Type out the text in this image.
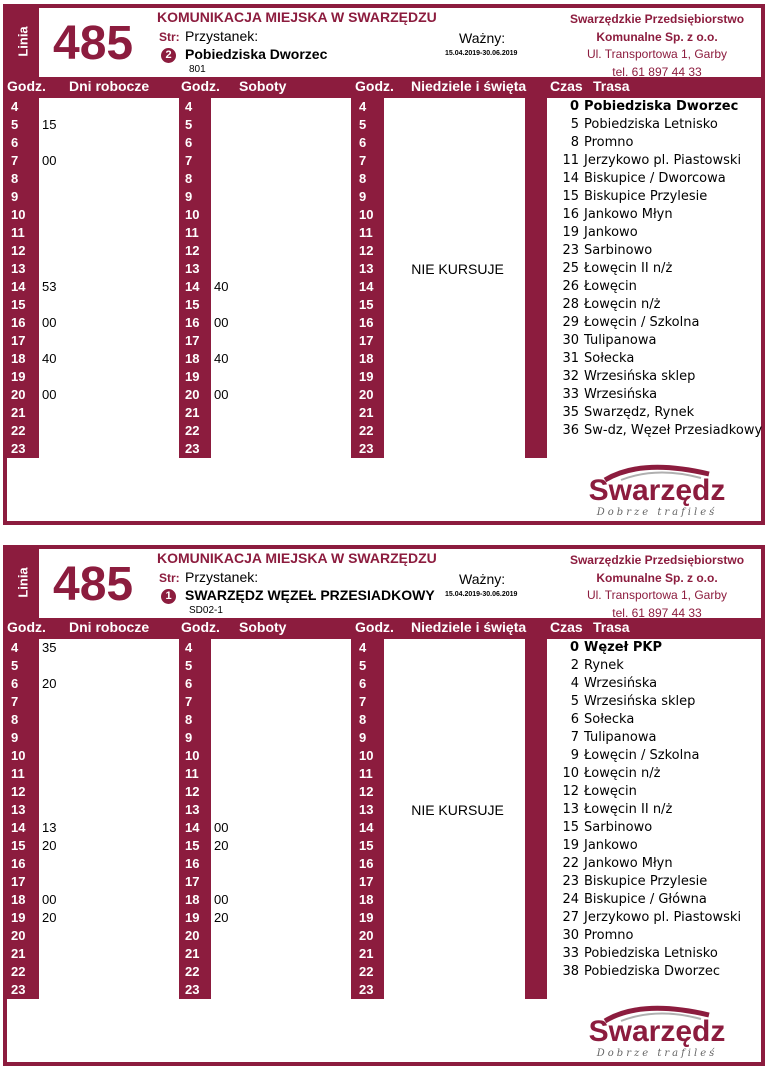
Linia 485 KOMUNIKACJA MIEJSKA W SWARZĘDZU
Str: Przystanek:
2 Pobiedziska Dworzec
801
Ważny:
15.04.2019-30.06.2019
Swarzędzkie Przedsiębiorstwo
Komunalne Sp. z o.o.
Ul. Transportowa 1, Garby
tel. 61 897 44 33
Godz. Dni robocze Godz. Soboty	Godz. Niedziele i święta Czas Trasa
4
5
6
7
8
9
10
11
12
13
14
15
16
17
18
19
20
21
22
23
15
00
53
00
40
00
4
5
6
7
8
9
10
11
12
13
14
15
16
17
18
19
20
21
22
23
40
00
40
00
4
5
6
7
8
9
10
11
12
13
14
15
16
17
18
19
20
21
22
23
NIE KURSUJE
0 Pobiedziska Dworzec
5 Pobiedziska Letnisko
8 Promno
11 Jerzykowo pl. Piastowski
14 Biskupice / Dworcowa
15 Biskupice Przylesie
16 Jankowo Młyn
19 Jankowo
23 Sarbinowo
25 Łowęcin II n/ż
26 Łowęcin
28 Łowęcin n/ż
29 Łowęcin / Szkolna
30 Tulipanowa
31 Sołecka
32 Wrzesińska sklep
33 Wrzesińska
35 Swarzędz, Rynek
36 Sw-dz, Węzeł Przesiadkowy
Swarzędz
Dobrze trafileś
Linia 485 KOMUNIKACJA MIEJSKA W SWARZĘDZU
Str: Przystanek:
1 SWARZĘDZ WĘZEŁ PRZESIADKOWY
SD02-1
Ważny:
15.04.2019-30.06.2019
Swarzędzkie Przedsiębiorstwo
Komunalne Sp. z o.o.
Ul. Transportowa 1, Garby
tel. 61 897 44 33
Godz. Dni robocze Godz. Soboty	Godz. Niedziele i święta Czas Trasa
4
5
6
7
8
9
10
11
12
13
14
15
16
17
18
19
20
21
22
23
35
20
13
20
00
20
4
5
6
7
8
9
10
11
12
13
14
15
16
17
18
19
20
21
22
23
00
20
00
20
4
5
6
7
8
9
10
11
12
13
14
15
16
17
18
19
20
21
22
23
NIE KURSUJE
0 Węzeł PKP
2 Rynek
4 Wrzesińska
5 Wrzesińska sklep
6 Sołecka
7 Tulipanowa
9 Łowęcin / Szkolna
10 Łowęcin n/ż
12 Łowęcin
13 Łowęcin II n/ż
15 Sarbinowo
19 Jankowo
22 Jankowo Młyn
23 Biskupice Przylesie
24 Biskupice / Główna
27 Jerzykowo pl. Piastowski
30 Promno
33 Pobiedziska Letnisko
38 Pobiedziska Dworzec
Swarzędz
Dobrze trafileś
